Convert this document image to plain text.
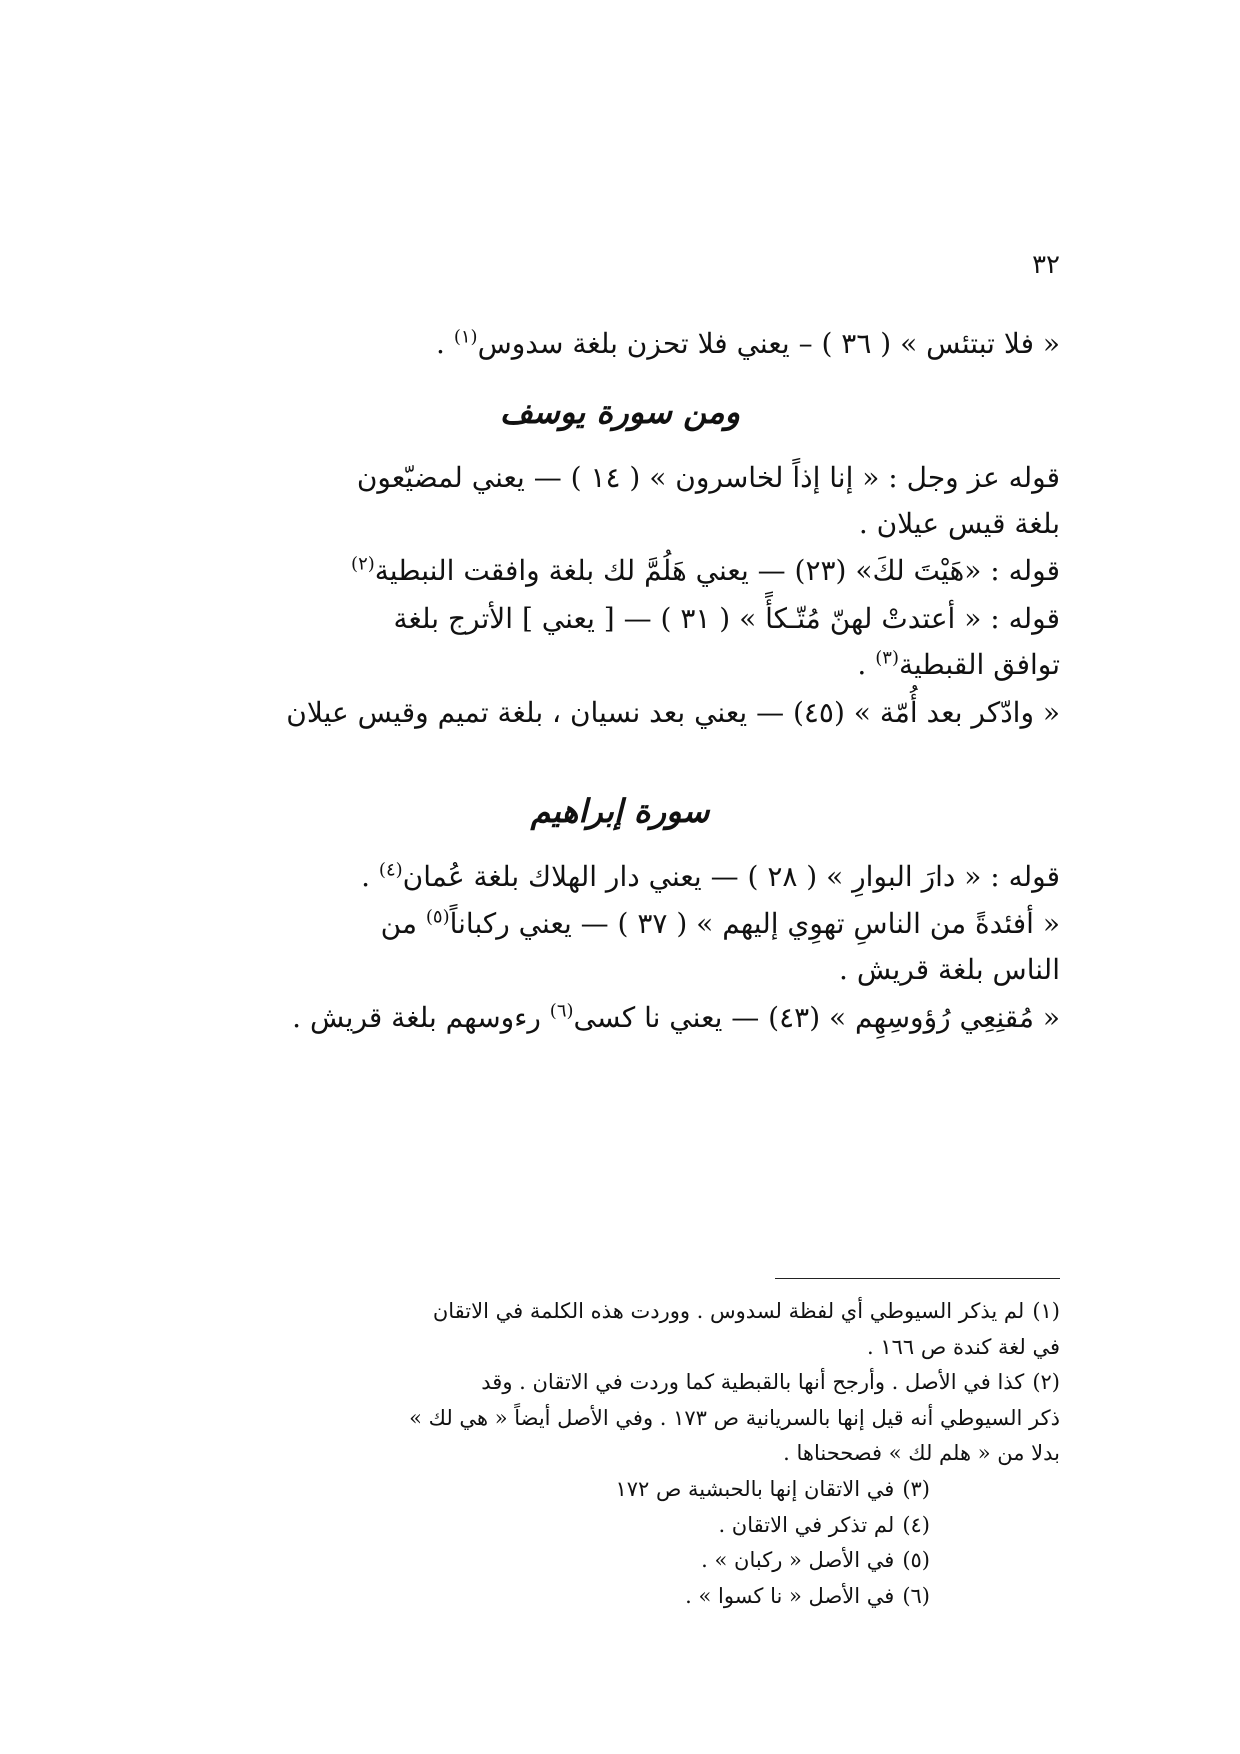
٣٢

« فلا تبتئس » ( ٣٦ ) – يعني فلا تحزن بلغة سدوس$^{(١)}$ .

ومن سورة يوسف

قوله عز وجل : « إنا إذاً لخاسرون » ( ١٤ ) — يعني لمضيّعون

بلغة قيس عيلان .

قوله : «هَيْتَ لكَ» (٢٣) — يعني هَلُمَّ لك بلغة وافقت النبطية$^{(٢)}$

قوله : « أعتدتْ لهنّ مُتّـكأً » ( ٣١ ) — [ يعني ] الأترج بلغة

توافق القبطية$^{(٣)}$ .

« وادّكر بعد أُمّة » (٤٥) — يعني بعد نسيان ، بلغة تميم وقيس عيلان

سورة إبراهيم

قوله : « دارَ البوارِ » ( ٢٨ ) — يعني دار الهلاك بلغة عُمان$^{(٤)}$ .

« أفئدةً من الناسِ تهوِي إليهم » ( ٣٧ ) — يعني ركباناً$^{(٥)}$ من

الناس بلغة قريش .

« مُقنِعِي رُؤوسِهِم » (٤٣) — يعني نا كسى$^{(٦)}$ رءوسهم بلغة قريش .

(١)لم يذكر السيوطي أي لفظة لسدوس . ووردت هذه الكلمة في الاتقان

في لغة كندة ص ١٦٦ .

(٢)كذا في الأصل . وأرجح أنها بالقبطية كما وردت في الاتقان . وقد

ذكر السيوطي أنه قيل إنها بالسريانية ص ١٧٣ . وفي الأصل أيضاً « هي لك »

بدلا من « هلم لك » فصححناها .

(٣)في الاتقان إنها بالحبشية ص ١٧٢

(٤)لم تذكر في الاتقان .

(٥)في الأصل « ركبان » .

(٦)في الأصل « نا كسوا » .
